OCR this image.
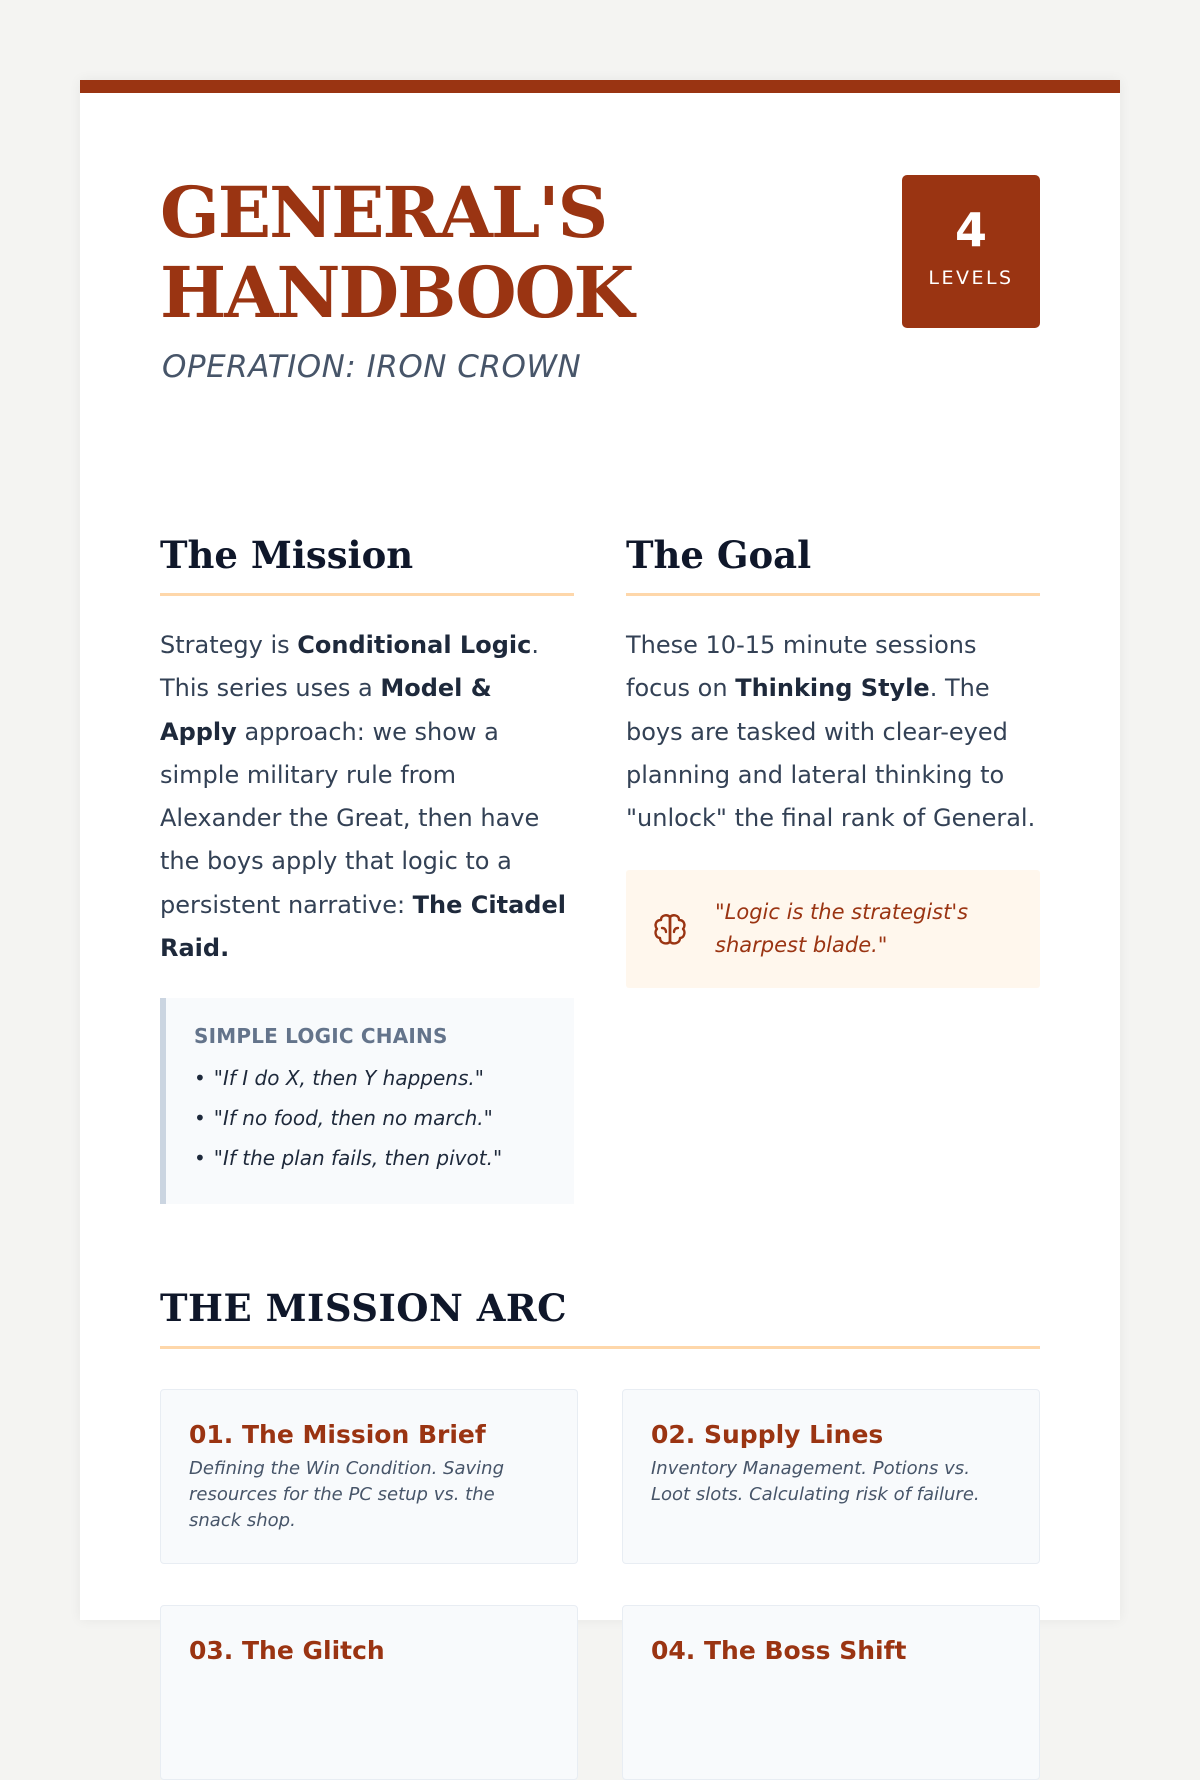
GENERAL'S
HANDBOOK
OPERATION: IRON CROWN
4
LEVELS
The Mission

Strategy is Conditional Logic. This series uses a Model & Apply approach: we show a simple military rule from Alexander the Great, then have the boys apply that logic to a persistent narrative: The Citadel Raid.

SIMPLE LOGIC CHAINS
• "If I do X, then Y happens."
• "If no food, then no march."
• "If the plan fails, then pivot."
The Goal

These 10-15 minute sessions focus on Thinking Style. The boys are tasked with clear-eyed planning and lateral thinking to "unlock" the final rank of General.

"Logic is the strategist's sharpest blade."
THE MISSION ARC
01. The Mission Brief

Defining the Win Condition. Saving resources for the PC setup vs. the snack shop.

02. Supply Lines

Inventory Management. Potions vs. Loot slots. Calculating risk of failure.

03. The Glitch	04. The Boss Shift
